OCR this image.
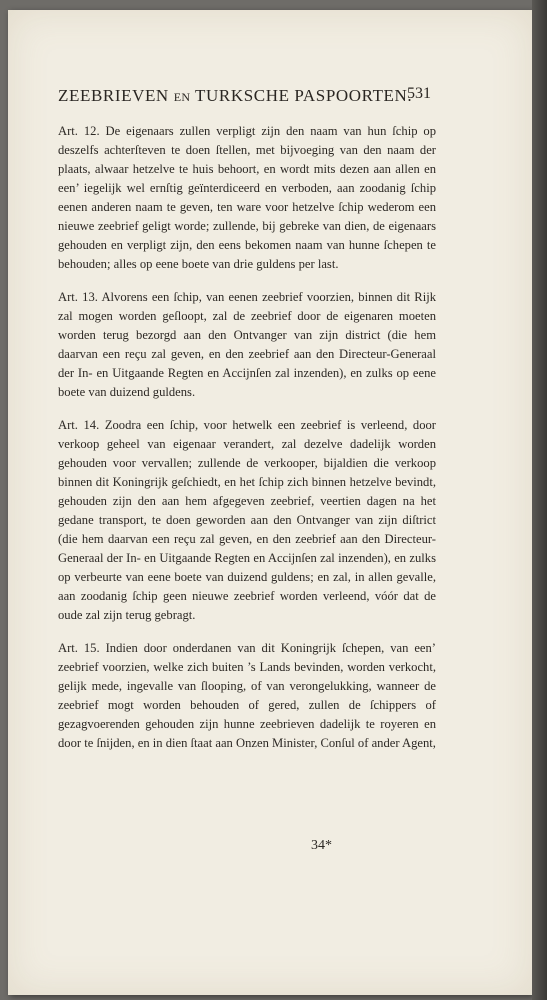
ZEEBRIEVEN EN TURKSCHE PASPOORTEN.
531

Art. 12. De eigenaars zullen verpligt zijn den naam van hun ſchip op deszelfs achterſteven te doen ſtellen, met bijvoeging van den naam der plaats, alwaar hetzelve te huis behoort, en wordt mits dezen aan allen en een’ iegelijk wel ernſtig geïnterdiceerd en verboden, aan zoodanig ſchip eenen anderen naam te geven, ten ware voor hetzelve ſchip wederom een nieuwe zeebrief geligt worde; zullende, bij gebreke van dien, de eigenaars gehouden en verpligt zijn, den eens bekomen naam van hunne ſchepen te behouden; alles op eene boete van drie guldens per last.

Art. 13. Alvorens een ſchip, van eenen zeebrief voorzien, binnen dit Rijk zal mogen worden geſloopt, zal de zeebrief door de eigenaren moeten worden terug bezorgd aan den Ontvanger van zijn district (die hem daarvan een reçu zal geven, en den zeebrief aan den Directeur-Generaal der In- en Uitgaande Regten en Accijnſen zal inzenden), en zulks op eene boete van duizend guldens.

Art. 14. Zoodra een ſchip, voor hetwelk een zeebrief is verleend, door verkoop geheel van eigenaar verandert, zal dezelve dadelijk worden gehouden voor vervallen; zullende de verkooper, bijaldien die verkoop binnen dit Koningrijk geſchiedt, en het ſchip zich binnen hetzelve bevindt, gehouden zijn den aan hem afgegeven zeebrief, veertien dagen na het gedane transport, te doen geworden aan den Ontvanger van zijn diſtrict (die hem daarvan een reçu zal geven, en den zeebrief aan den Directeur-Generaal der In- en Uitgaande Regten en Accijnſen zal inzenden), en zulks op verbeurte van eene boete van duizend guldens; en zal, in allen gevalle, aan zoodanig ſchip geen nieuwe zeebrief worden verleend, vóór dat de oude zal zijn terug gebragt.

Art. 15. Indien door onderdanen van dit Koningrijk ſchepen, van een’ zeebrief voorzien, welke zich buiten ’s Lands bevinden, worden verkocht, gelijk mede, ingevalle van ſlooping, of van verongelukking, wanneer de zeebrief mogt worden behouden of gered, zullen de ſchippers of gezagvoerenden gehouden zijn hunne zeebrieven dadelijk te royeren en door te ſnijden, en in dien ſtaat aan Onzen Minister, Conſul of ander Agent,

34*
